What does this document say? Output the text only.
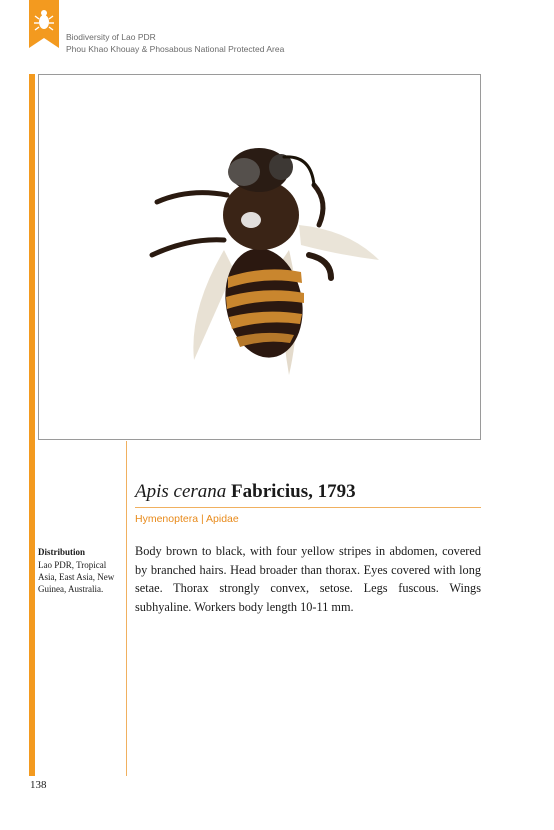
Biodiversity of Lao PDR
Phou Khao Khouay & Phosabous National Protected Area
Apis cerana Fabricius, 1793
Hymenoptera | Apidae

Body brown to black, with four yellow stripes in abdomen, covered by branched hairs. Head broader than thorax. Eyes covered with long setae. Thorax strongly convex, setose. Legs fuscous. Wings subhyaline. Workers body length 10-11 mm.

Distribution

Lao PDR, Tropical Asia, East Asia, New Guinea, Australia.

138
